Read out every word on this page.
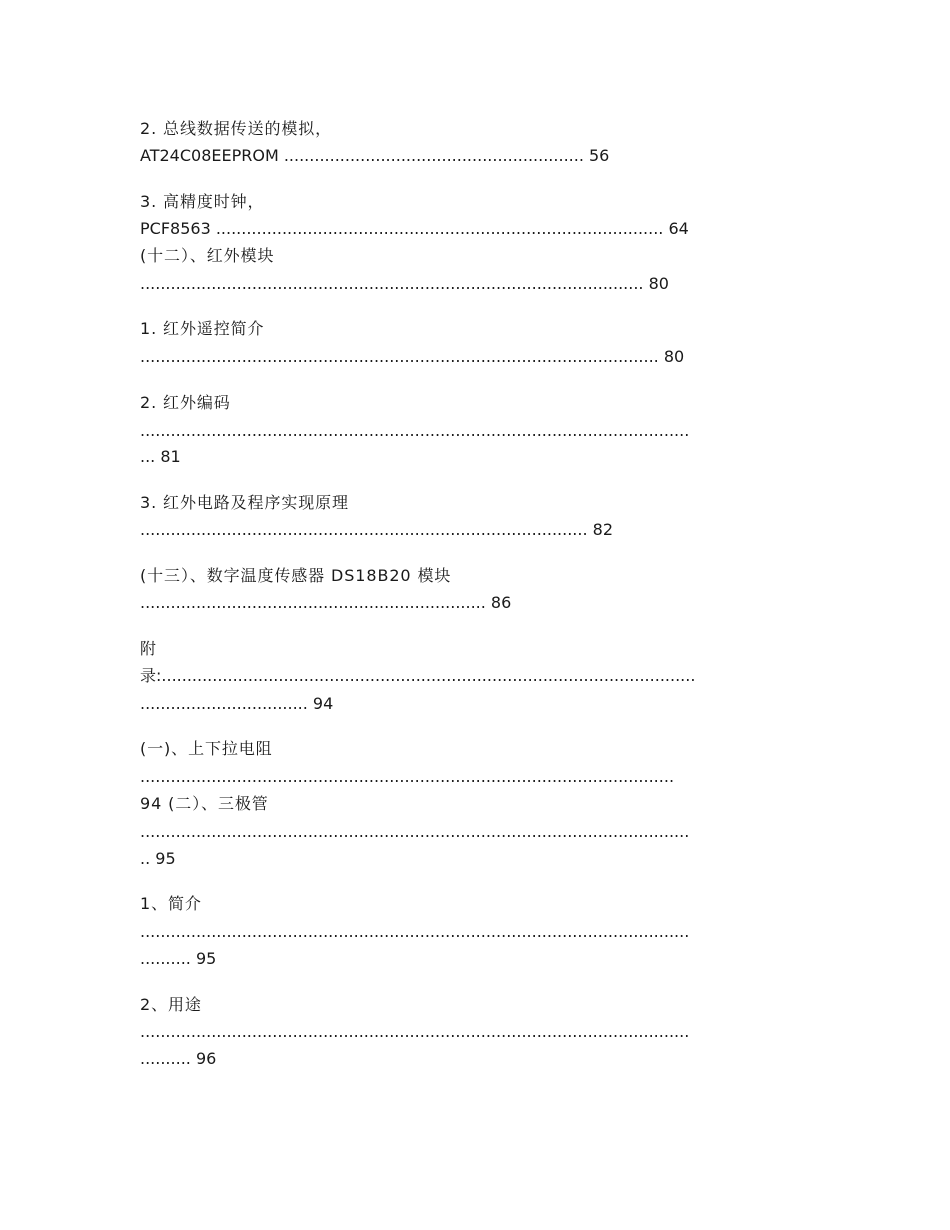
2. 总线数据传送的模拟，

AT24C08EEPROM ........................................................... 56

3. 高精度时钟，

PCF8563 ........................................................................................ 64

(十二）、红外模块

................................................................................................... 80

1. 红外遥控简介

...................................................................................................... 80

2. 红外编码

............................................................................................................

... 81

3. 红外电路及程序实现原理

........................................................................................ 82

(十三）、数字温度传感器 DS18B20 模块

.................................................................... 86

附

录:.........................................................................................................

................................. 94

(一)、上下拉电阻

.........................................................................................................

94 (二）、三极管

............................................................................................................

.. 95

1、简介

............................................................................................................

.......... 95

2、用途

............................................................................................................

.......... 96
